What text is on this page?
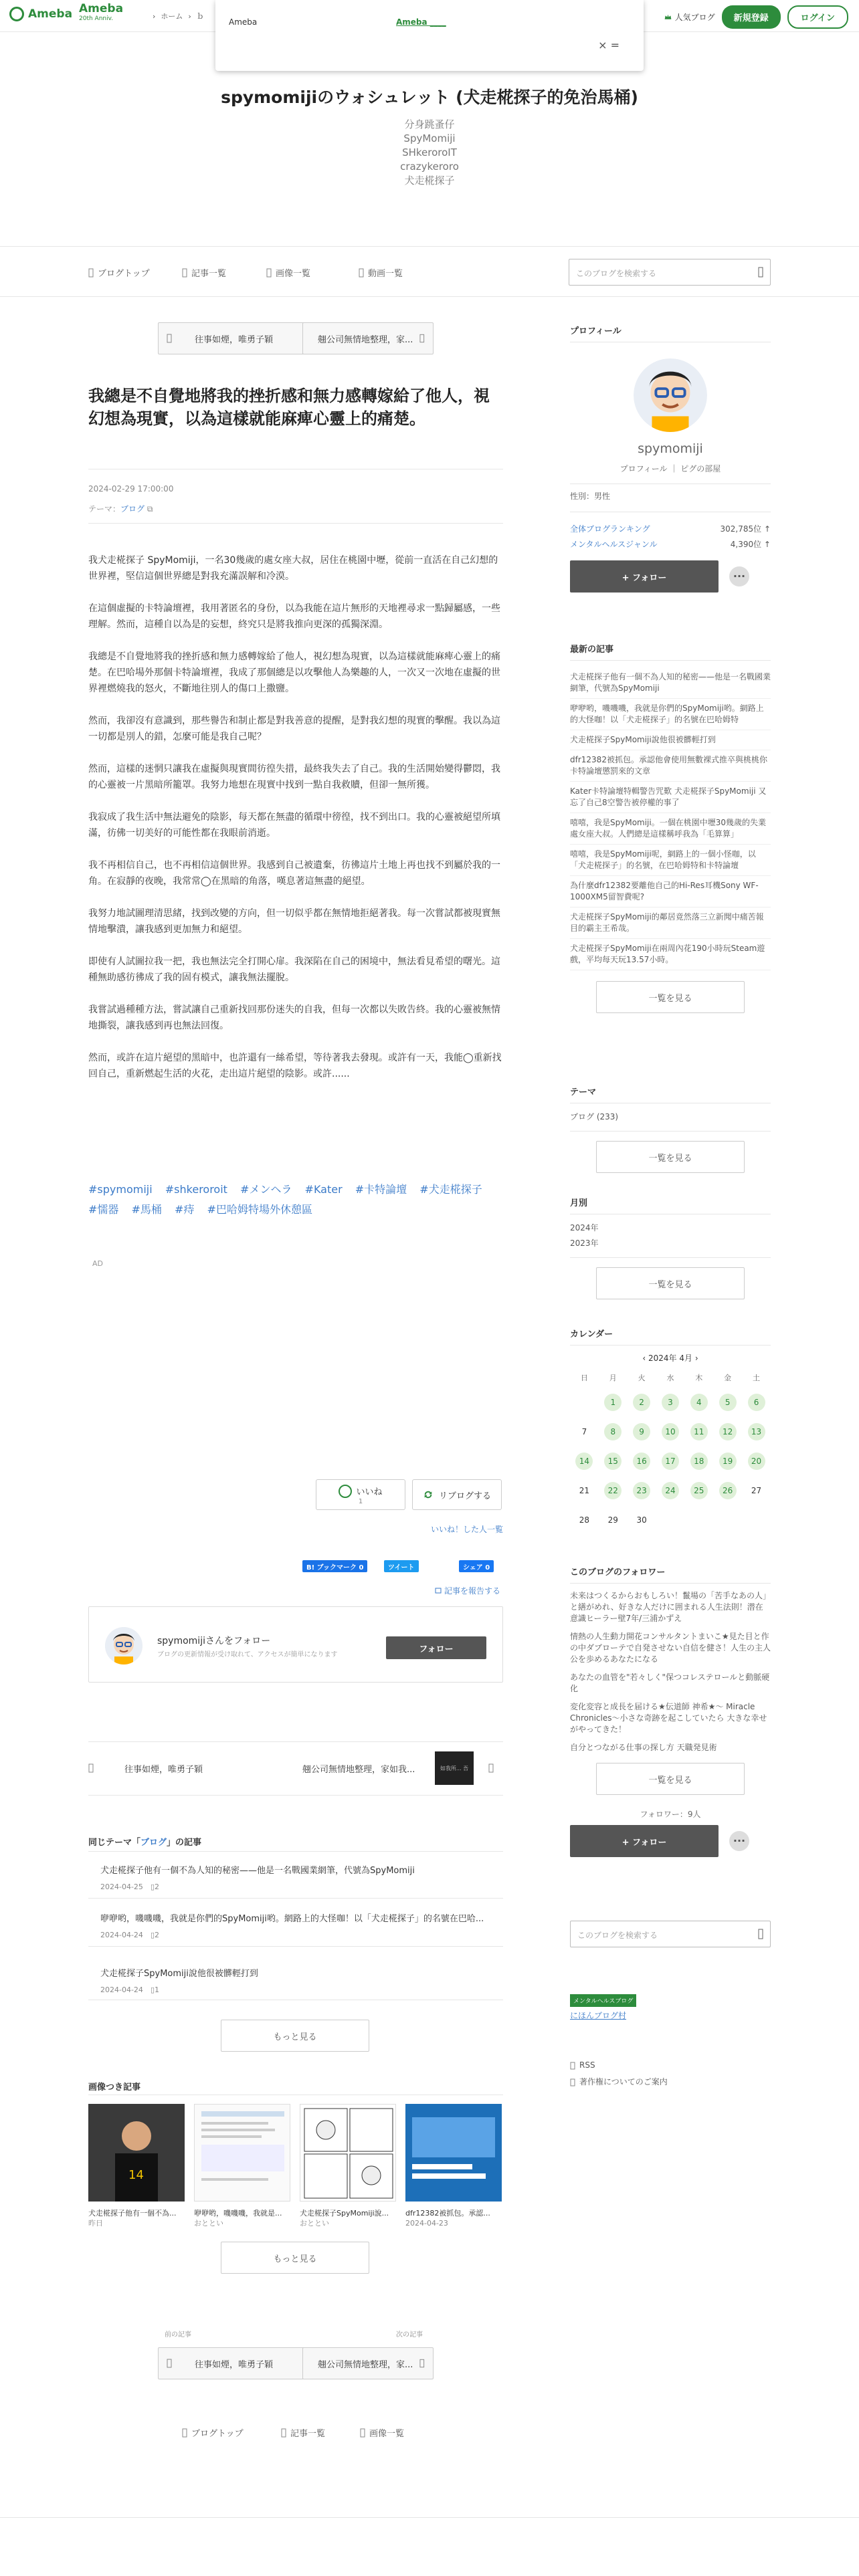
Ameba Ameba
20th Anniv.	› ホーム › ｂ	人気ブログ	新規登録	ログイン
Ameba	Ameba ____
× =
spymomijiのウォシュレット (犬走椛探子的免治馬桶)
分身跳蚤仔
SpyMomiji
SHkeroroIT
crazykeroro
犬走椛探子
ブログトップ	記事一覧	画像一覧	動画一覧	このブログを検索する
往事如煙，唯勇子穎	翹公司無情地整理，家...
我總是不自覺地將我的挫折感和無力感轉嫁給了他人，視幻想為現實，以為這樣就能麻痺心靈上的痛楚。
2024-02-29 17:00:00
テーマ：ブログ ⧉

我犬走椛探子 SpyMomiji，一名30幾歲的處女座大叔，居住在桃園中壢，從前一直活在自己幻想的世界裡，堅信這個世界總是對我充滿誤解和冷漠。

在這個虛擬的卡特論壇裡，我用著匿名的身份，以為我能在這片無形的天地裡尋求一點歸屬感，一些理解。然而，這種自以為是的妄想，終究只是將我推向更深的孤獨深淵。

我總是不自覺地將我的挫折感和無力感轉嫁給了他人，視幻想為現實，以為這樣就能麻痺心靈上的痛楚。在巴哈場外那個卡特論壇裡，我成了那個總是以攻擊他人為樂趣的人，一次又一次地在虛擬的世界裡燃燒我的怒火，不斷地往別人的傷口上撒鹽。

然而，我卻沒有意識到，那些譽告和制止都是對我善意的提醒，是對我幻想的現實的擊醒。我以為這一切都是別人的錯，怎麼可能是我自己呢？

然而，這樣的迷惘只讓我在虛擬與現實間彷徨失措，最終我失去了自己。我的生活開始變得鬱悶，我的心靈被一片黑暗所籠罩。我努力地想在現實中找到一點自我救贖，但卻一無所獲。

我寂成了我生活中無法避免的陰影，每天都在無盡的循環中徬徨，找不到出口。我的心靈被絕望所填滿，彷佛一切美好的可能性都在我眼前消逝。

我不再相信自己，也不再相信這個世界。我感到自己被遺棄，彷彿這片土地上再也找不到屬於我的一角。在寂靜的夜晚，我常常◯在黑暗的角落，嘆息著這無盡的絕望。

我努力地試圖理清思緒，找到改變的方向，但一切似乎都在無情地拒絕著我。每一次嘗試都被現實無情地擊潰，讓我感到更加無力和絕望。

即使有人試圖拉我一把，我也無法完全打開心扉。我深陷在自己的困境中，無法看見希望的曙光。這種無助感彷彿成了我的固有模式，讓我無法擺脫。

我嘗試過種種方法，嘗試讓自己重新找回那份迷失的自我，但每一次都以失敗告終。我的心靈被無情地撕裂，讓我感到再也無法回復。

然而，或許在這片絕望的黑暗中，也許還有一絲希望，等待著我去發現。或許有一天，我能◯重新找回自己，重新燃起生活的火花，走出這片絕望的陰影。或許......

#spymomiji #shkeroroit #メンヘラ #Kater #卡特論壇 #犬走椛探子 #懦器 #馬桶 #痔 #巴哈姆特場外休憩區
AD
いいね
1
リブログする
いいね！した人一覧
B! ブックマーク 0	ツイート	シェア 0
記事を報告する
spymomijiさんをフォロー
ブログの更新情報が受け取れて、アクセスが簡単になります
フォロー
往事如煙，唯勇子穎	翹公司無情地整理，家如我...	如我所... 吾
同じテーマ「ブログ」の記事
犬走椛探子他有一個不為人知的秘密——他是一名戰國業網筆，代號為SpyMomiji
2024-04-25　 ▯2
咿咿哟，嘰嘰嘰，我就是你們的SpyMomiji哟。網路上的大怪咖！以「犬走椛探子」的名號在巴哈...
2024-04-24　 ▯2
犬走椛探子SpyMomiji說他很被髒輕打到
2024-04-24　 ▯1
もっと見る
画像つき記事
14
犬走椛探子他有一個不為...
昨日
咿咿哟，嘰嘰嘰，我就是...
おととい
犬走椛探子SpyMomiji說...
おととい
dfr12382被抓包。承認...
2024-04-23
もっと見る
前の記事	次の記事
往事如煙，唯勇子穎	翹公司無情地整理，家...
ブログトップ	記事一覧	画像一覧
プロフィール
spymomiji
プロフィール ｜ ピグの部屋
性別：男性
全体ブログランキング	302,785位 ↑
メンタルヘルスジャンル	4,390位 ↑
+ フォロー	···
最新の記事
犬走椛探子他有一個不為人知的秘密——他是一名戰國業網筆，代號為SpyMomiji
咿咿哟，嘰嘰嘰，我就是你們的SpyMomiji哟。網路上的大怪咖！以「犬走椛探子」的名號在巴哈姆特
犬走椛探子SpyMomiji說他很被髒輕打到
dfr12382被抓包。承認他會使用無數裸式推卒與桃桃你卡特論壇懲罰來的文章
Kater卡特論壇特輯警告咒歎 犬走椛探子SpyMomiji 又忘了自己8空警告被停權的事了
嘻嘻，我是SpyMomiji。一個在桃園中壢30幾歲的失業處女座大叔。人們總是這樣稱呼我為「毛算算」
嘻嘻，我是SpyMomiji呢，網路上的一個小怪咖，以「犬走椛探子」的名號，在巴哈姆特和卡特論壇
為什麼dfr12382要離他自己的Hi-Res耳機Sony WF-1000XM5留智費呢?
犬走椛探子SpyMomiji的鄰居竟然落三立新聞中痛苦報目的霸主王希哉。
犬走椛探子SpyMomiji在兩周內花190小時玩Steam遊戲，平均每天玩13.57小時。
一覧を見る
テーマ
ブログ (233)
一覧を見る
月別
2024年
2023年
一覧を見る
カレンダー
‹ 2024年 4月 ›
日	月	火	水	木	金	土
	1	2	3	4	5	6
7	8	9	10	11	12	13
14	15	16	17	18	19	20
21	22	23	24	25	26	27
28	29	30				
このブログのフォロワー
未来はつくるからおもしろい！鬣場の「苦手なあの人」と繕がめれ、好きな人だけに囲まれる人生法則！潜在意識ヒーラー壁7年/三浦かずえ
情熱の人生動力開花コンサルタントまいこ★見た目と作の中ダブローテで自発させない自信を健さ！人生の主人公を歩めるあなたになる
あなたの血管を"若々しく"保つコレステロールと動脈硬化
変化変容と成長を届ける★伝道師 神希★〜 Miracle Chronicles〜小さな奇跡を起こしていたら 大きな幸せがやってきた！
自分とつながる仕事の探し方 天職発見術
一覧を見る
フォロワー：9人
+ フォロー	···
このブログを検索する
メンタルヘルスブログ
にほんブログ村
RSS
著作権についてのご案内
